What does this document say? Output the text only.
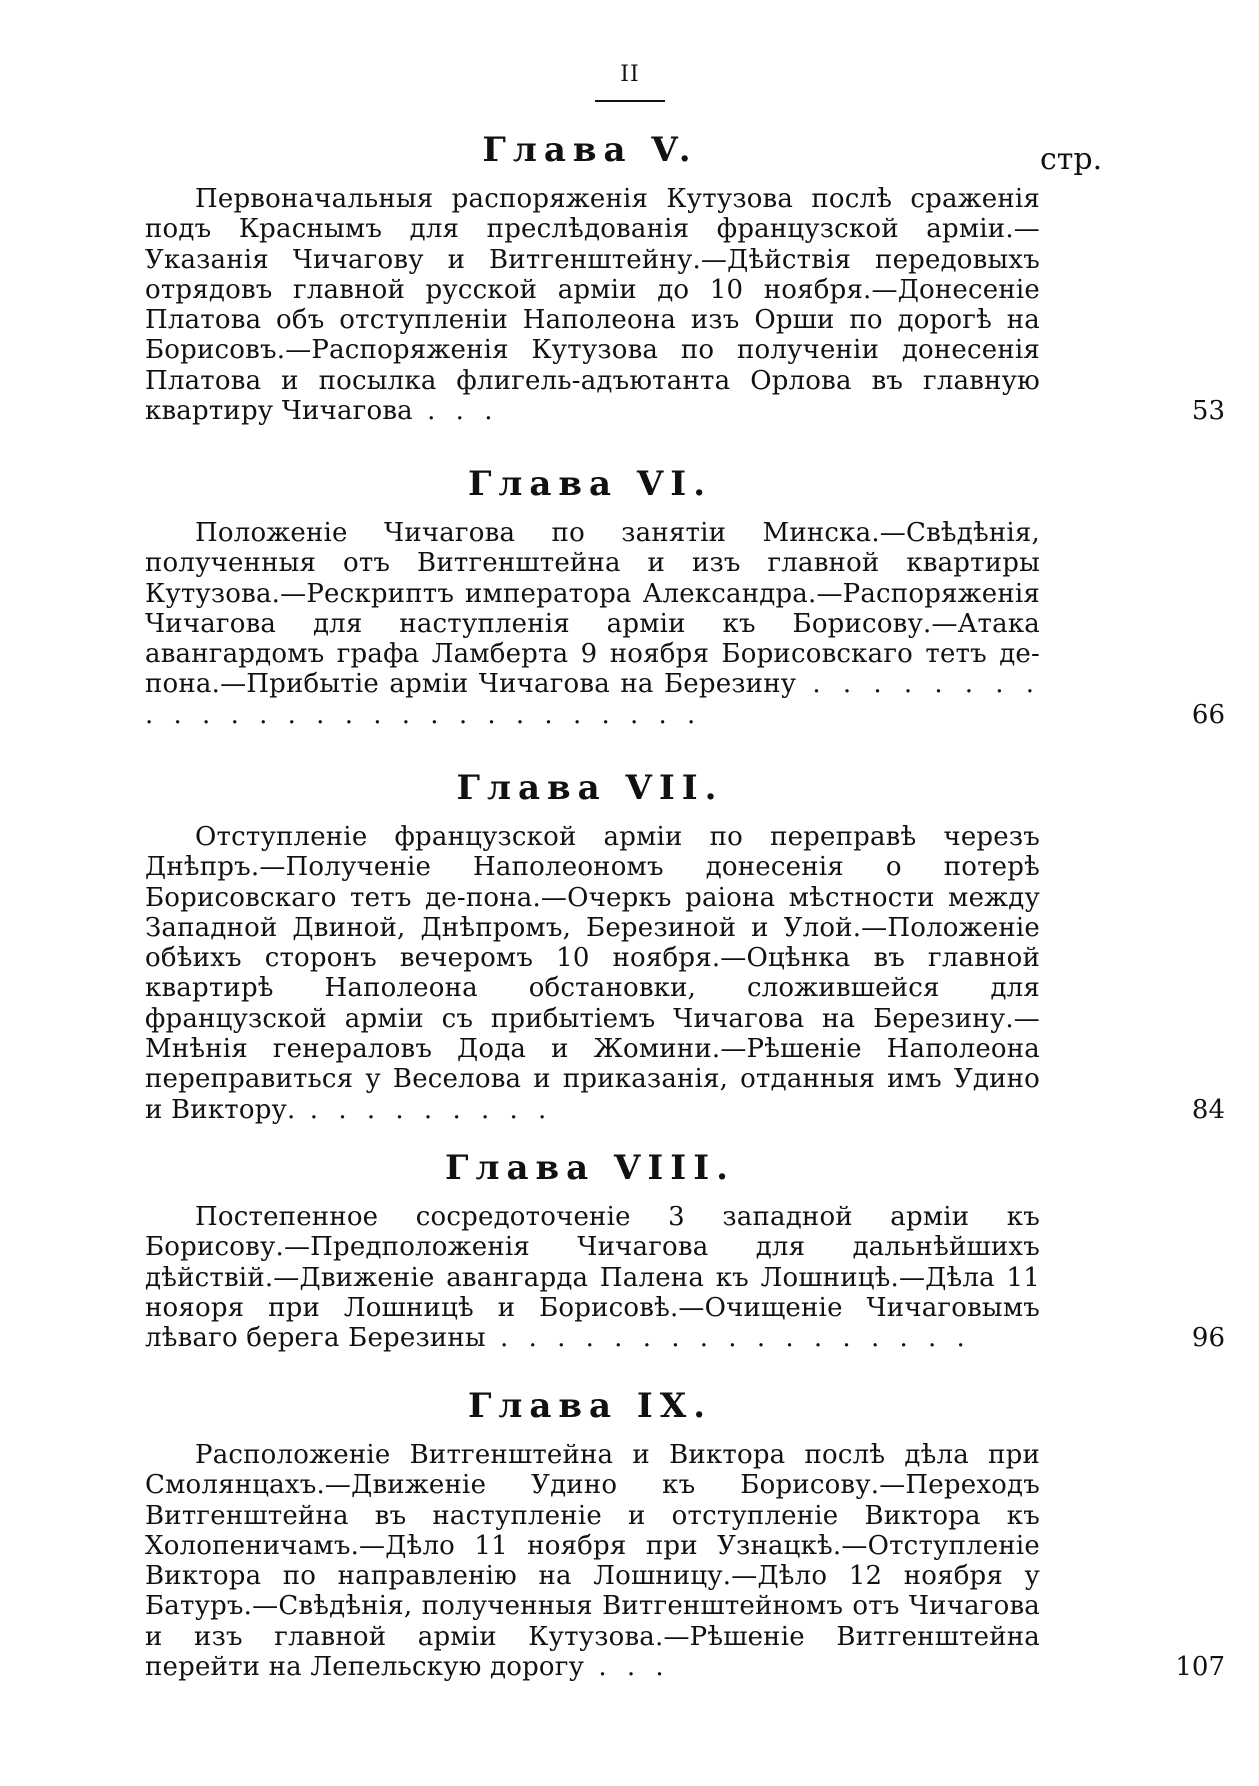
II
стр.
Глава V.

Первоначальныя распоряженія Кутузова послѣ сраженія подъ Краснымъ для преслѣдованія французской арміи.—Указанія Чичагову и Витгенштейну.—Дѣйствія передовыхъ отрядовъ главной русской арміи до 10 ноября.—Донесеніе Платова объ отступленіи Наполеона изъ Орши по дорогѣ на Борисовъ.—Распоряженія Кутузова по полученіи донесенія Платова и посылка флигель-адъютанта Орлова въ главную квартиру Чичагова . . .	53
Глава VI.

Положеніе Чичагова по занятіи Минска.—Свѣдѣнія, полученныя отъ Витгенштейна и изъ главной квартиры Кутузова.—Рескриптъ императора Александра.—Распоряженія Чичагова для наступленія арміи къ Борисову.—Атака авангардомъ графа Ламберта 9 ноября Борисовскаго тетъ де-пона.—Прибытіе арміи Чичагова на Березину . . . . . . . . . . . . . . . . . . . . . . . . . . . .	66
Глава VII.

Отступленіе французской арміи по переправѣ черезъ Днѣпръ.—Полученіе Наполеономъ донесенія о потерѣ Борисовскаго тетъ де-пона.—Очеркъ раіона мѣстности между Западной Двиной, Днѣпромъ, Березиной и Улой.—Положеніе обѣихъ сторонъ вечеромъ 10 ноября.—Оцѣнка въ главной квартирѣ Наполеона обстановки, сложившейся для французской арміи съ прибытіемъ Чичагова на Березину.—Мнѣнія генераловъ Дода и Жомини.—Рѣшеніе Наполеона переправиться у Веселова и приказанія, отданныя имъ Удино и Виктору. . . . . . . . . .	84
Глава VIII.

Постепенное сосредоточеніе 3 западной арміи къ Борисову.—Предположенія Чичагова для дальнѣйшихъ дѣйствій.—Движеніе авангарда Палена къ Лошницѣ.—Дѣла 11 нояоря при Лошницѣ и Борисовѣ.—Очищеніе Чичаговымъ лѣваго берега Березины . . . . . . . . . . . . . . . . .	96
Глава IX.

Расположеніе Витгенштейна и Виктора послѣ дѣла при Смолянцахъ.—Движеніе Удино къ Борисову.—Переходъ Витгенштейна въ наступленіе и отступленіе Виктора къ Холопеничамъ.—Дѣло 11 ноября при Узнацкѣ.—Отступленіе Виктора по направленію на Лошницу.—Дѣло 12 ноября у Батуръ.—Свѣдѣнія, полученныя Витгенштейномъ отъ Чичагова и изъ главной арміи Кутузова.—Рѣшеніе Витгенштейна перейти на Лепельскую дорогу . . .	107
